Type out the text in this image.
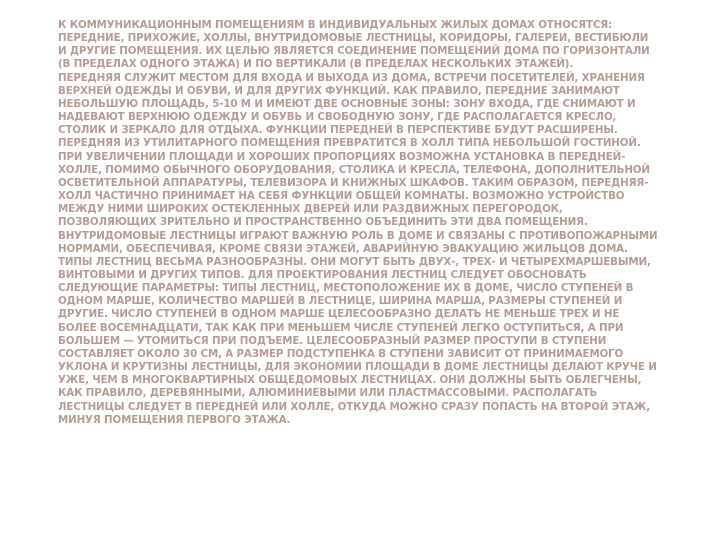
К КОММУНИКАЦИОННЫМ ПОМЕЩЕНИЯМ В ИНДИВИДУАЛЬНЫХ ЖИЛЫХ ДОМАХ ОТНОСЯТСЯ: ПЕРЕДНИЕ, ПРИХОЖИЕ, ХОЛЛЫ, ВНУТРИДОМОВЫЕ ЛЕСТНИЦЫ, КОРИДОРЫ, ГАЛЕРЕИ, ВЕСТИБЮЛИ И ДРУГИЕ ПОМЕЩЕНИЯ. ИХ ЦЕЛЬЮ ЯВЛЯЕТСЯ СОЕДИНЕНИЕ ПОМЕЩЕНИЙ ДОМА ПО ГОРИЗОНТАЛИ (В ПРЕДЕЛАХ ОДНОГО ЭТАЖА) И ПО ВЕРТИКАЛИ (В ПРЕДЕЛАХ НЕСКОЛЬКИХ ЭТАЖЕЙ).

ПЕРЕДНЯЯ СЛУЖИТ МЕСТОМ ДЛЯ ВХОДА И ВЫХОДА ИЗ ДОМА, ВСТРЕЧИ ПОСЕТИТЕЛЕЙ, ХРАНЕНИЯ ВЕРХНЕЙ ОДЕЖДЫ И ОБУВИ, И ДЛЯ ДРУГИХ ФУНКЦИЙ. КАК ПРАВИЛО, ПЕРЕДНИЕ ЗАНИМАЮТ НЕБОЛЬШУЮ ПЛОЩАДЬ, 5-10 М И ИМЕЮТ ДВЕ ОСНОВНЫЕ ЗОНЫ: ЗОНУ ВХОДА, ГДЕ СНИМАЮТ И НАДЕВАЮТ ВЕРХНЮЮ ОДЕЖДУ И ОБУВЬ И СВОБОДНУЮ ЗОНУ, ГДЕ РАСПОЛАГАЕТСЯ КРЕСЛО, СТОЛИК И ЗЕРКАЛО ДЛЯ ОТДЫХА. ФУНКЦИИ ПЕРЕДНЕЙ В ПЕРСПЕКТИВЕ БУДУТ РАСШИРЕНЫ. ПЕРЕДНЯЯ ИЗ УТИЛИТАРНОГО ПОМЕЩЕНИЯ ПРЕВРАТИТСЯ В ХОЛЛ ТИПА НЕБОЛЬШОЙ ГОСТИНОЙ. ПРИ УВЕЛИЧЕНИИ ПЛОЩАДИ И ХОРОШИХ ПРОПОРЦИЯХ ВОЗМОЖНА УСТАНОВКА В ПЕРЕДНЕЙ-ХОЛЛЕ, ПОМИМО ОБЫЧНОГО ОБОРУДОВАНИЯ, СТОЛИКА И КРЕСЛА, ТЕЛЕФОНА, ДОПОЛНИТЕЛЬНОЙ ОСВЕТИТЕЛЬНОЙ АППАРАТУРЫ, ТЕЛЕВИЗОРА И КНИЖНЫХ ШКАФОВ. ТАКИМ ОБРАЗОМ, ПЕРЕДНЯЯ-ХОЛЛ ЧАСТИЧНО ПРИНИМАЕТ НА СЕБЯ ФУНКЦИИ ОБЩЕЙ КОМНАТЫ. ВОЗМОЖНО УСТРОЙСТВО МЕЖДУ НИМИ ШИРОКИХ ОСТЕКЛЕННЫХ ДВЕРЕЙ ИЛИ РАЗДВИЖНЫХ ПЕРЕГОРОДОК, ПОЗВОЛЯЮЩИХ ЗРИТЕЛЬНО И ПРОСТРАНСТВЕННО ОБЪЕДИНИТЬ ЭТИ ДВА ПОМЕЩЕНИЯ.

ВНУТРИДОМОВЫЕ ЛЕСТНИЦЫ ИГРАЮТ ВАЖНУЮ РОЛЬ В ДОМЕ И СВЯЗАНЫ С ПРОТИВОПОЖАРНЫМИ НОРМАМИ, ОБЕСПЕЧИВАЯ, КРОМЕ СВЯЗИ ЭТАЖЕЙ, АВАРИЙНУЮ ЭВАКУАЦИЮ ЖИЛЬЦОВ ДОМА. ТИПЫ ЛЕСТНИЦ ВЕСЬМА РАЗНООБРАЗНЫ. ОНИ МОГУТ БЫТЬ ДВУХ-, ТРЕХ- И ЧЕТЫРЕХМАРШЕВЫМИ, ВИНТОВЫМИ И ДРУГИХ ТИПОВ. ДЛЯ ПРОЕКТИРОВАНИЯ ЛЕСТНИЦ СЛЕДУЕТ ОБОСНОВАТЬ СЛЕДУЮЩИЕ ПАРАМЕТРЫ: ТИПЫ ЛЕСТНИЦ, МЕСТОПОЛОЖЕНИЕ ИХ В ДОМЕ, ЧИСЛО СТУПЕНЕЙ В ОДНОМ МАРШЕ, КОЛИЧЕСТВО МАРШЕЙ В ЛЕСТНИЦЕ, ШИРИНА МАРША, РАЗМЕРЫ СТУПЕНЕЙ И ДРУГИЕ. ЧИСЛО СТУПЕНЕЙ В ОДНОМ МАРШЕ ЦЕЛЕСООБРАЗНО ДЕЛАТЬ НЕ МЕНЬШЕ ТРЕХ И НЕ БОЛЕЕ ВОСЕМНАДЦАТИ, ТАК КАК ПРИ МЕНЬШЕМ ЧИСЛЕ СТУПЕНЕЙ ЛЕГКО ОСТУПИТЬСЯ, А ПРИ БОЛЬШЕМ — УТОМИТЬСЯ ПРИ ПОДЪЕМЕ. ЦЕЛЕСООБРАЗНЫЙ РАЗМЕР ПРОСТУПИ В СТУПЕНИ СОСТАВЛЯЕТ ОКОЛО 30 СМ, А РАЗМЕР ПОДСТУПЕНКА В СТУПЕНИ ЗАВИСИТ ОТ ПРИНИМАЕМОГО УКЛОНА И КРУТИЗНЫ ЛЕСТНИЦЫ, ДЛЯ ЭКОНОМИИ ПЛОЩАДИ В ДОМЕ ЛЕСТНИЦЫ ДЕЛАЮТ КРУЧЕ И УЖЕ, ЧЕМ В МНОГОКВАРТИРНЫХ ОБЩЕДОМОВЫХ ЛЕСТНИЦАХ. ОНИ ДОЛЖНЫ БЫТЬ ОБЛЕГЧЕНЫ, КАК ПРАВИЛО, ДЕРЕВЯННЫМИ, АЛЮМИНИЕВЫМИ ИЛИ ПЛАСТМАССОВЫМИ. РАСПОЛАГАТЬ ЛЕСТНИЦЫ СЛЕДУЕТ В ПЕРЕДНЕЙ ИЛИ ХОЛЛЕ, ОТКУДА МОЖНО СРАЗУ ПОПАСТЬ НА ВТОРОЙ ЭТАЖ, МИНУЯ ПОМЕЩЕНИЯ ПЕРВОГО ЭТАЖА.
